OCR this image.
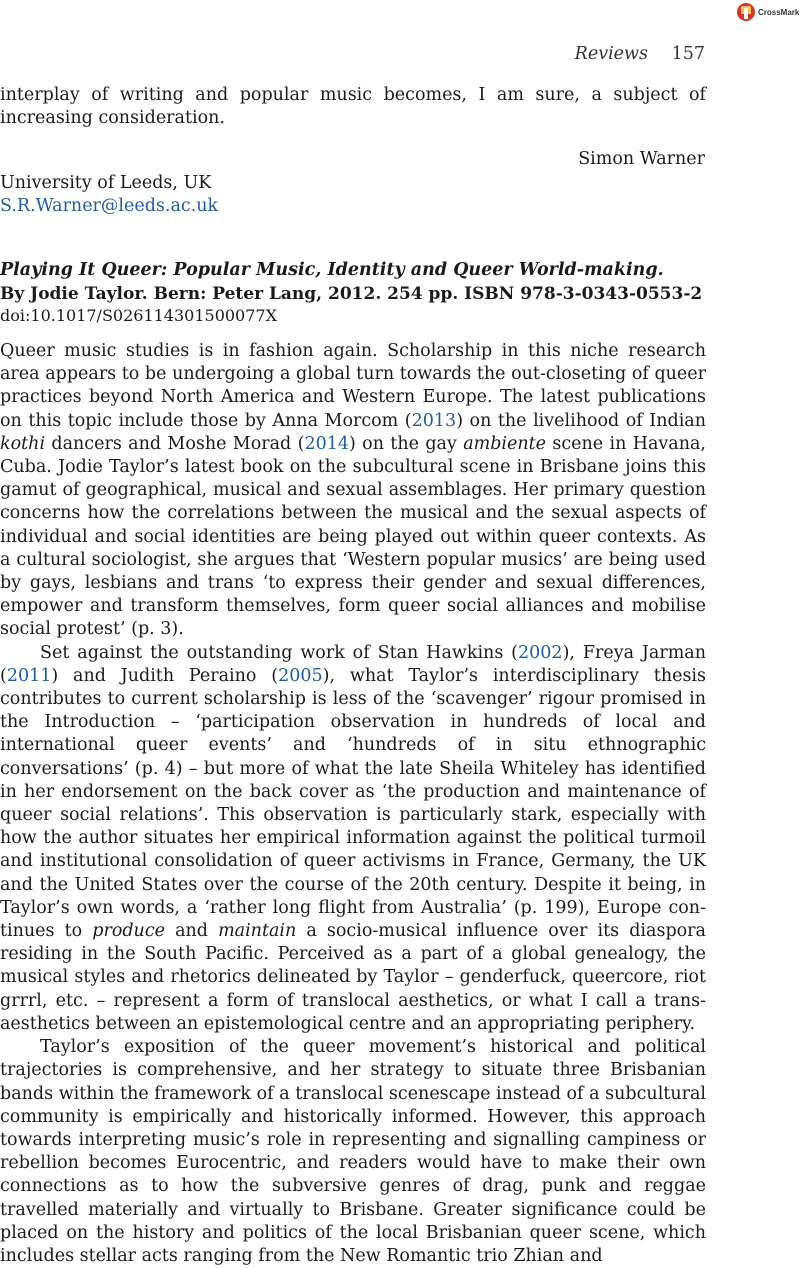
CrossMark
Reviews 157

interplay of writing and popular music becomes, I am sure, a subject of increasing consideration.

Simon Warner
University of Leeds, UK
S.R.Warner@leeds.ac.uk
Playing It Queer: Popular Music, Identity and Queer World-making.
By Jodie Taylor. Bern: Peter Lang, 2012. 254 pp. ISBN 978-3-0343-0553-2
doi:10.1017/S026114301500077X

Queer music studies is in fashion again. Scholarship in this niche research area appears to be undergoing a global turn towards the out-closeting of queer practices beyond North America and Western Europe. The latest publications on this topic include those by Anna Morcom (2013) on the livelihood of Indian kothi dancers and Moshe Morad (2014) on the gay ambiente scene in Havana, Cuba. Jodie Taylor’s latest book on the subcultural scene in Brisbane joins this gamut of geographical, musical and sexual assemblages. Her primary question concerns how the correlations between the musical and the sexual aspects of individual and social identities are being played out within queer contexts. As a cultural sociologist, she argues that ‘Western popular musics’ are being used by gays, lesbians and trans ‘to express their gender and sexual differences, empower and transform themselves, form queer social alliances and mobilise social protest’ (p. 3).

Set against the outstanding work of Stan Hawkins (2002), Freya Jarman (2011) and Judith Peraino (2005), what Taylor’s interdisciplinary thesis contributes to current scholarship is less of the ‘scavenger’ rigour promised in the Introduction – ‘participation observation in hundreds of local and international queer events’ and ‘hundreds of in situ ethnographic conversations’ (p. 4) – but more of what the late Sheila Whiteley has identified in her endorsement on the back cover as ‘the production and maintenance of queer social relations’. This observation is particularly stark, especially with how the author situates her empirical information against the political turmoil and institutional consolidation of queer activisms in France, Germany, the UK and the United States over the course of the 20th century. Despite it being, in Taylor’s own words, a ‘rather long flight from Australia’ (p. 199), Europe continues to produce and maintain a socio-musical influence over its diaspora residing in the South Pacific. Perceived as a part of a global genealogy, the musical styles and rhetorics delineated by Taylor – genderfuck, queercore, riot grrrl, etc. – represent a form of translocal aesthetics, or what I call a trans-aesthetics between an epistemological centre and an appropriating periphery.

Taylor’s exposition of the queer movement’s historical and political trajectories is comprehensive, and her strategy to situate three Brisbanian bands within the framework of a translocal scenescape instead of a subcultural community is empirically and historically informed. However, this approach towards interpreting music’s role in representing and signalling campiness or rebellion becomes Eurocentric, and readers would have to make their own connections as to how the subversive genres of drag, punk and reggae travelled materially and virtually to Brisbane. Greater significance could be placed on the history and politics of the local Brisbanian queer scene, which includes stellar acts ranging from the New Romantic trio Zhian and
